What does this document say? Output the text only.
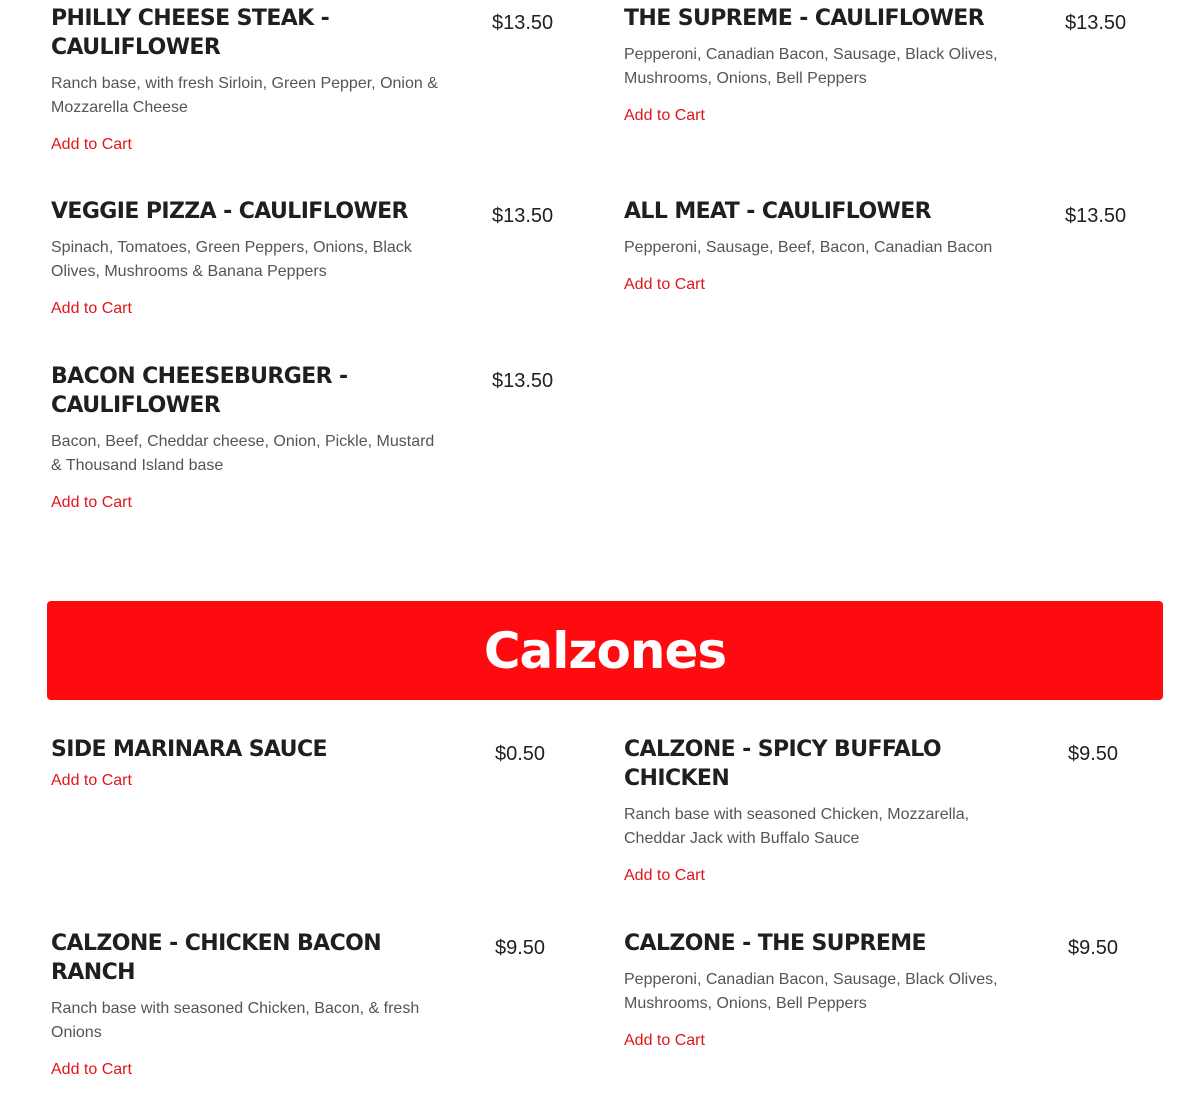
PHILLY CHEESE STEAK - CAULIFLOWER
$13.50

Ranch base, with fresh Sirloin, Green Pepper, Onion & Mozzarella Cheese

Add to Cart
THE SUPREME - CAULIFLOWER	$13.50

Pepperoni, Canadian Bacon, Sausage, Black Olives, Mushrooms, Onions, Bell Peppers

Add to Cart
VEGGIE PIZZA - CAULIFLOWER	$13.50

Spinach, Tomatoes, Green Peppers, Onions, Black Olives, Mushrooms & Banana Peppers

Add to Cart
ALL MEAT - CAULIFLOWER	$13.50

Pepperoni, Sausage, Beef, Bacon, Canadian Bacon

Add to Cart
BACON CHEESEBURGER - CAULIFLOWER
$13.50

Bacon, Beef, Cheddar cheese, Onion, Pickle, Mustard & Thousand Island base

Add to Cart
Calzones
SIDE MARINARA SAUCE	$0.50
Add to Cart
CALZONE - SPICY BUFFALO CHICKEN
$9.50

Ranch base with seasoned Chicken, Mozzarella, Cheddar Jack with Buffalo Sauce

Add to Cart
CALZONE - CHICKEN BACON RANCH
$9.50

Ranch base with seasoned Chicken, Bacon, & fresh Onions

Add to Cart
CALZONE - THE SUPREME	$9.50

Pepperoni, Canadian Bacon, Sausage, Black Olives, Mushrooms, Onions, Bell Peppers

Add to Cart
